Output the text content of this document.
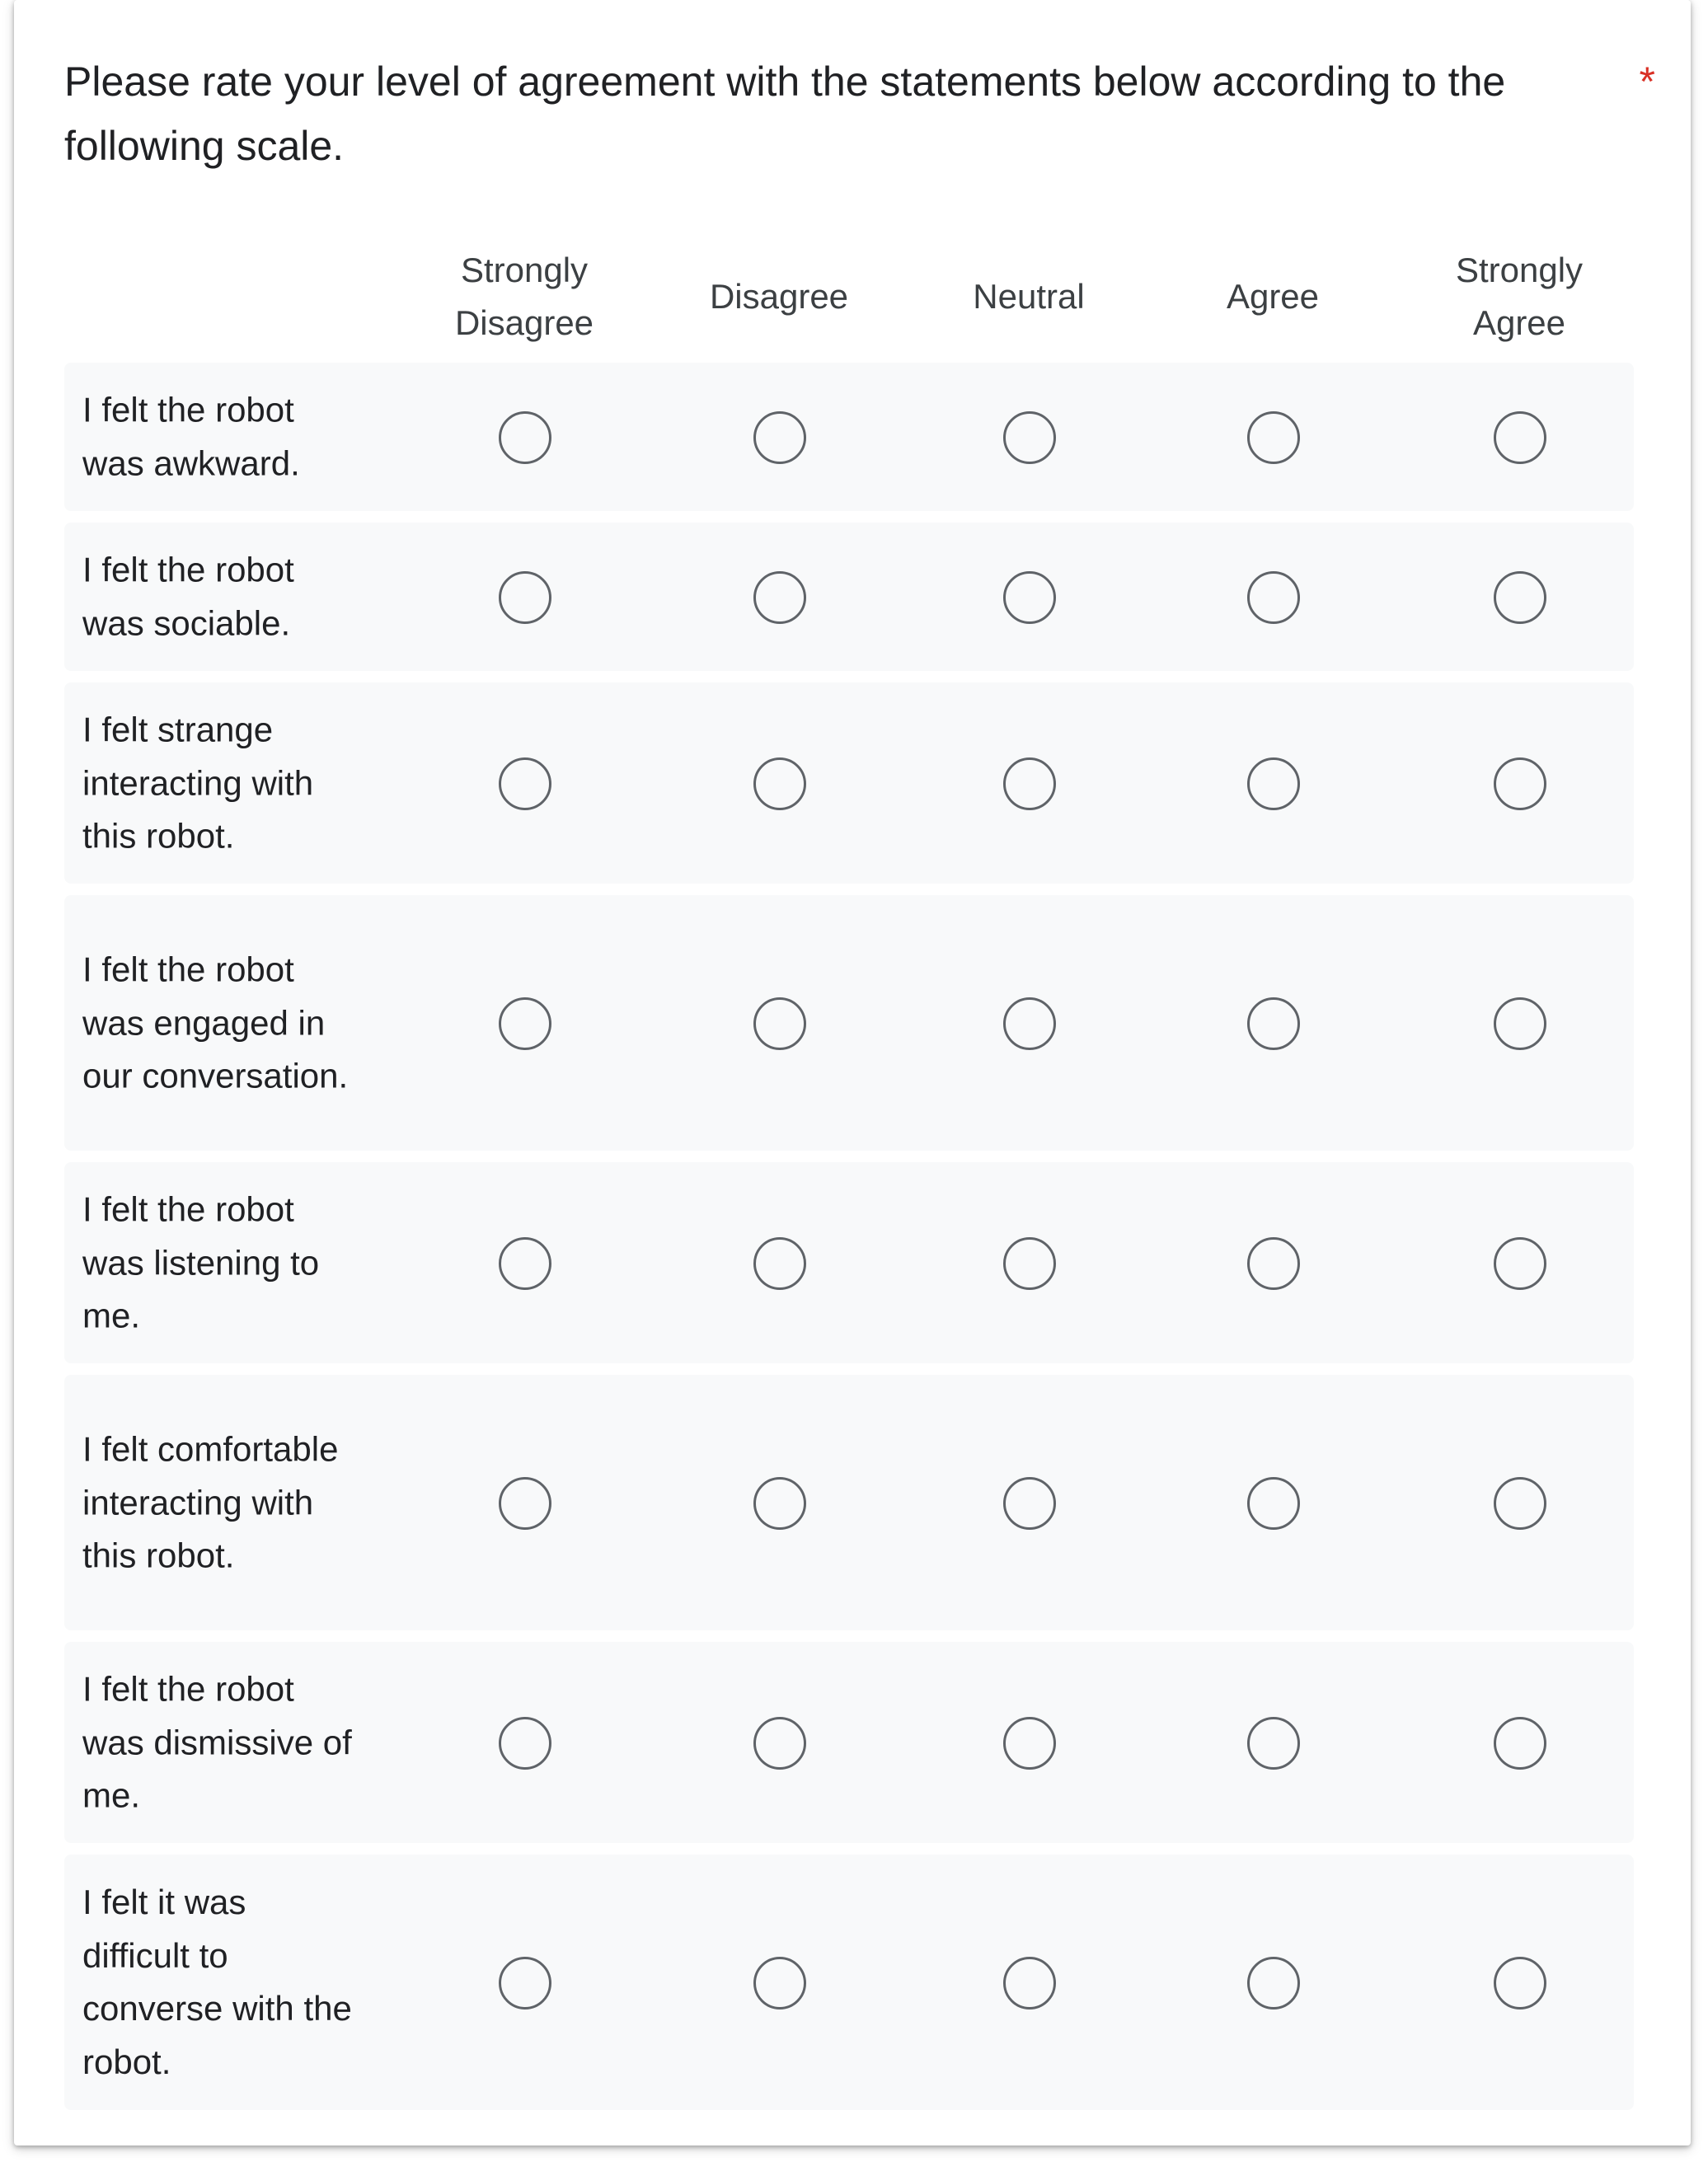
Please rate your level of agreement with the statements below according to the following scale.
*

Strongly Disagree
Disagree	Neutral	Agree
Strongly Agree
I felt the robot was awkward.
I felt the robot was sociable.
I felt strange interacting with this robot.
I felt the robot was engaged in our conversation.
I felt the robot was listening to me.
I felt comfortable interacting with this robot.
I felt the robot was dismissive of me.
I felt it was difficult to converse with the robot.
